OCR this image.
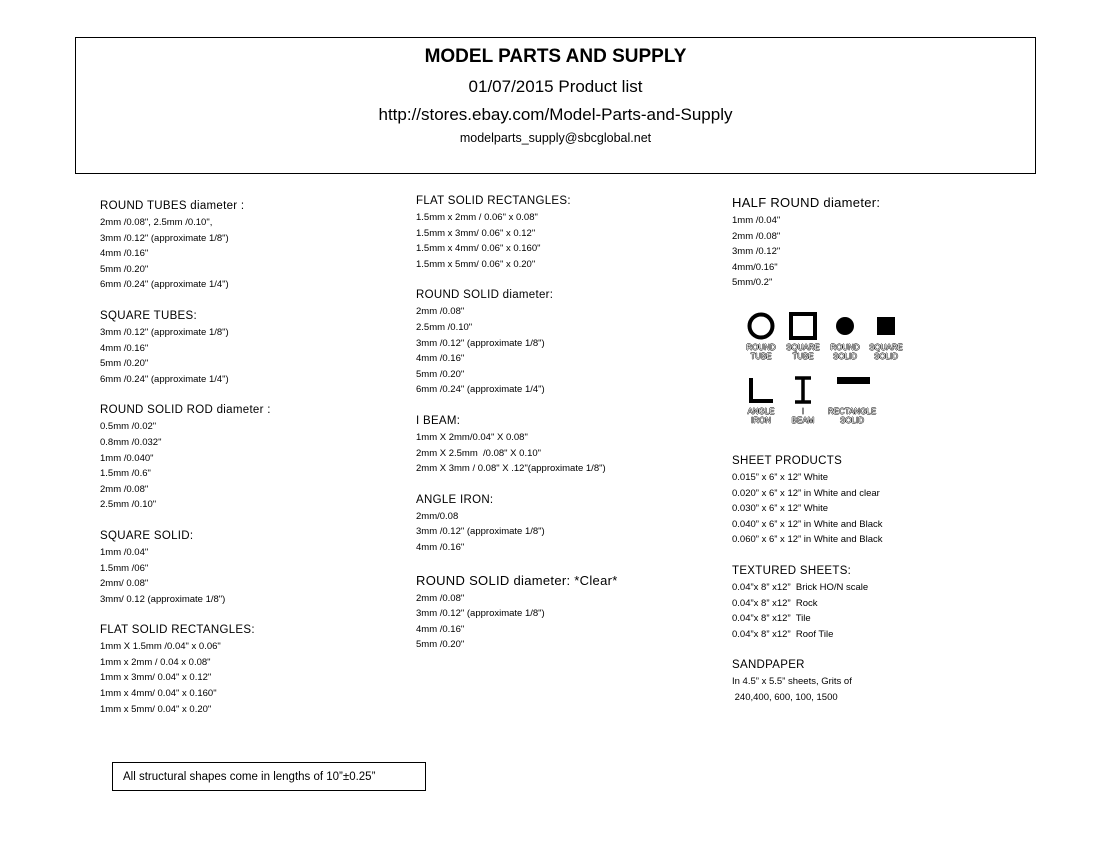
MODEL PARTS AND SUPPLY
01/07/2015 Product list
http://stores.ebay.com/Model-Parts-and-Supply
modelparts_supply@sbcglobal.net
ROUND TUBES diameter :
2mm /0.08", 2.5mm /0.10",
3mm /0.12" (approximate 1/8")
4mm /0.16"
5mm /0.20"
6mm /0.24" (approximate 1/4")
SQUARE TUBES:
3mm /0.12" (approximate 1/8")
4mm /0.16"
5mm /0.20"
6mm /0.24" (approximate 1/4")
ROUND SOLID ROD diameter :
0.5mm /0.02"
0.8mm /0.032"
1mm /0.040"
1.5mm /0.6"
2mm /0.08"
2.5mm /0.10"
SQUARE SOLID:
1mm /0.04"
1.5mm /06"
2mm/ 0.08"
3mm/ 0.12 (approximate 1/8")
FLAT SOLID RECTANGLES:
1mm X 1.5mm /0.04" x 0.06"
1mm x 2mm / 0.04 x 0.08"
1mm x 3mm/ 0.04" x 0.12"
1mm x 4mm/ 0.04" x 0.160"
1mm x 5mm/ 0.04" x 0.20"
FLAT SOLID RECTANGLES:
1.5mm x 2mm / 0.06" x 0.08"
1.5mm x 3mm/ 0.06" x 0.12"
1.5mm x 4mm/ 0.06" x 0.160"
1.5mm x 5mm/ 0.06" x 0.20"
ROUND SOLID diameter:
2mm /0.08"
2.5mm /0.10"
3mm /0.12" (approximate 1/8")
4mm /0.16"
5mm /0.20"
6mm /0.24" (approximate 1/4")
I BEAM:
1mm X 2mm/0.04" X 0.08"
2mm X 2.5mm  /0.08" X 0.10"
2mm X 3mm / 0.08" X .12"(approximate 1/8")
ANGLE IRON:
2mm/0.08
3mm /0.12" (approximate 1/8")
4mm /0.16"
ROUND SOLID diameter: *Clear*
2mm /0.08"
3mm /0.12" (approximate 1/8")
4mm /0.16"
5mm /0.20"
HALF ROUND diameter:
1mm /0.04"
2mm /0.08"
3mm /0.12"
4mm/0.16"
5mm/0.2"
ROUND
TUBE
SQUARE
TUBE
ROUND
SOLID
SQUARE
SOLID
ANGLE
IRON
I
BEAM
RECTANGLE
SOLID
SHEET PRODUCTS
0.015” x 6” x 12” White
0.020” x 6” x 12” in White and clear
0.030” x 6” x 12” White
0.040” x 6” x 12” in White and Black
0.060” x 6” x 12” in White and Black
TEXTURED SHEETS:
0.04”x 8” x12”  Brick HO/N scale
0.04”x 8” x12”  Rock
0.04”x 8” x12”  Tile
0.04”x 8” x12”  Roof Tile
SANDPAPER
In 4.5” x 5.5” sheets, Grits of
240,400, 600, 100, 1500
All structural shapes come in lengths of 10”±0.25”
